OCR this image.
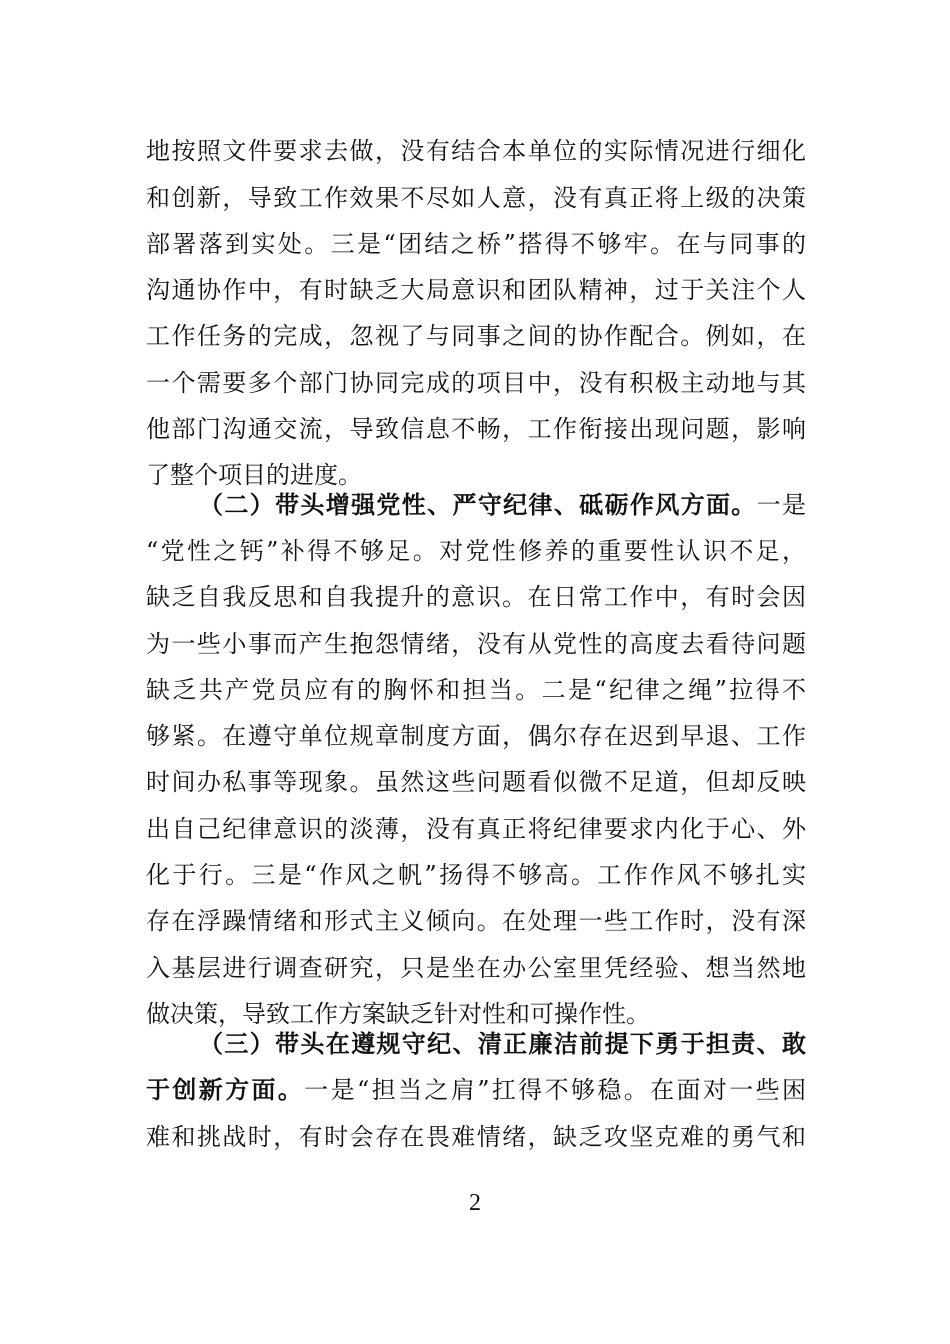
地按照文件要求去做，没有结合本单位的实际情况进行细化
和创新，导致工作效果不尽如人意，没有真正将上级的决策
部署落到实处。三是“团结之桥”搭得不够牢。在与同事的
沟通协作中，有时缺乏大局意识和团队精神，过于关注个人
工作任务的完成，忽视了与同事之间的协作配合。例如，在
一个需要多个部门协同完成的项目中，没有积极主动地与其
他部门沟通交流，导致信息不畅，工作衔接出现问题，影响
了整个项目的进度。
（二）带头增强党性、严守纪律、砥砺作风方面。一是
“党性之钙”补得不够足。对党性修养的重要性认识不足，
缺乏自我反思和自我提升的意识。在日常工作中，有时会因
为一些小事而产生抱怨情绪，没有从党性的高度去看待问题
缺乏共产党员应有的胸怀和担当。二是“纪律之绳”拉得不
够紧。在遵守单位规章制度方面，偶尔存在迟到早退、工作
时间办私事等现象。虽然这些问题看似微不足道，但却反映
出自己纪律意识的淡薄，没有真正将纪律要求内化于心、外
化于行。三是“作风之帆”扬得不够高。工作作风不够扎实
存在浮躁情绪和形式主义倾向。在处理一些工作时，没有深
入基层进行调查研究，只是坐在办公室里凭经验、想当然地
做决策，导致工作方案缺乏针对性和可操作性。
（三）带头在遵规守纪、清正廉洁前提下勇于担责、敢
于创新方面。一是“担当之肩”扛得不够稳。在面对一些困
难和挑战时，有时会存在畏难情绪，缺乏攻坚克难的勇气和
2
